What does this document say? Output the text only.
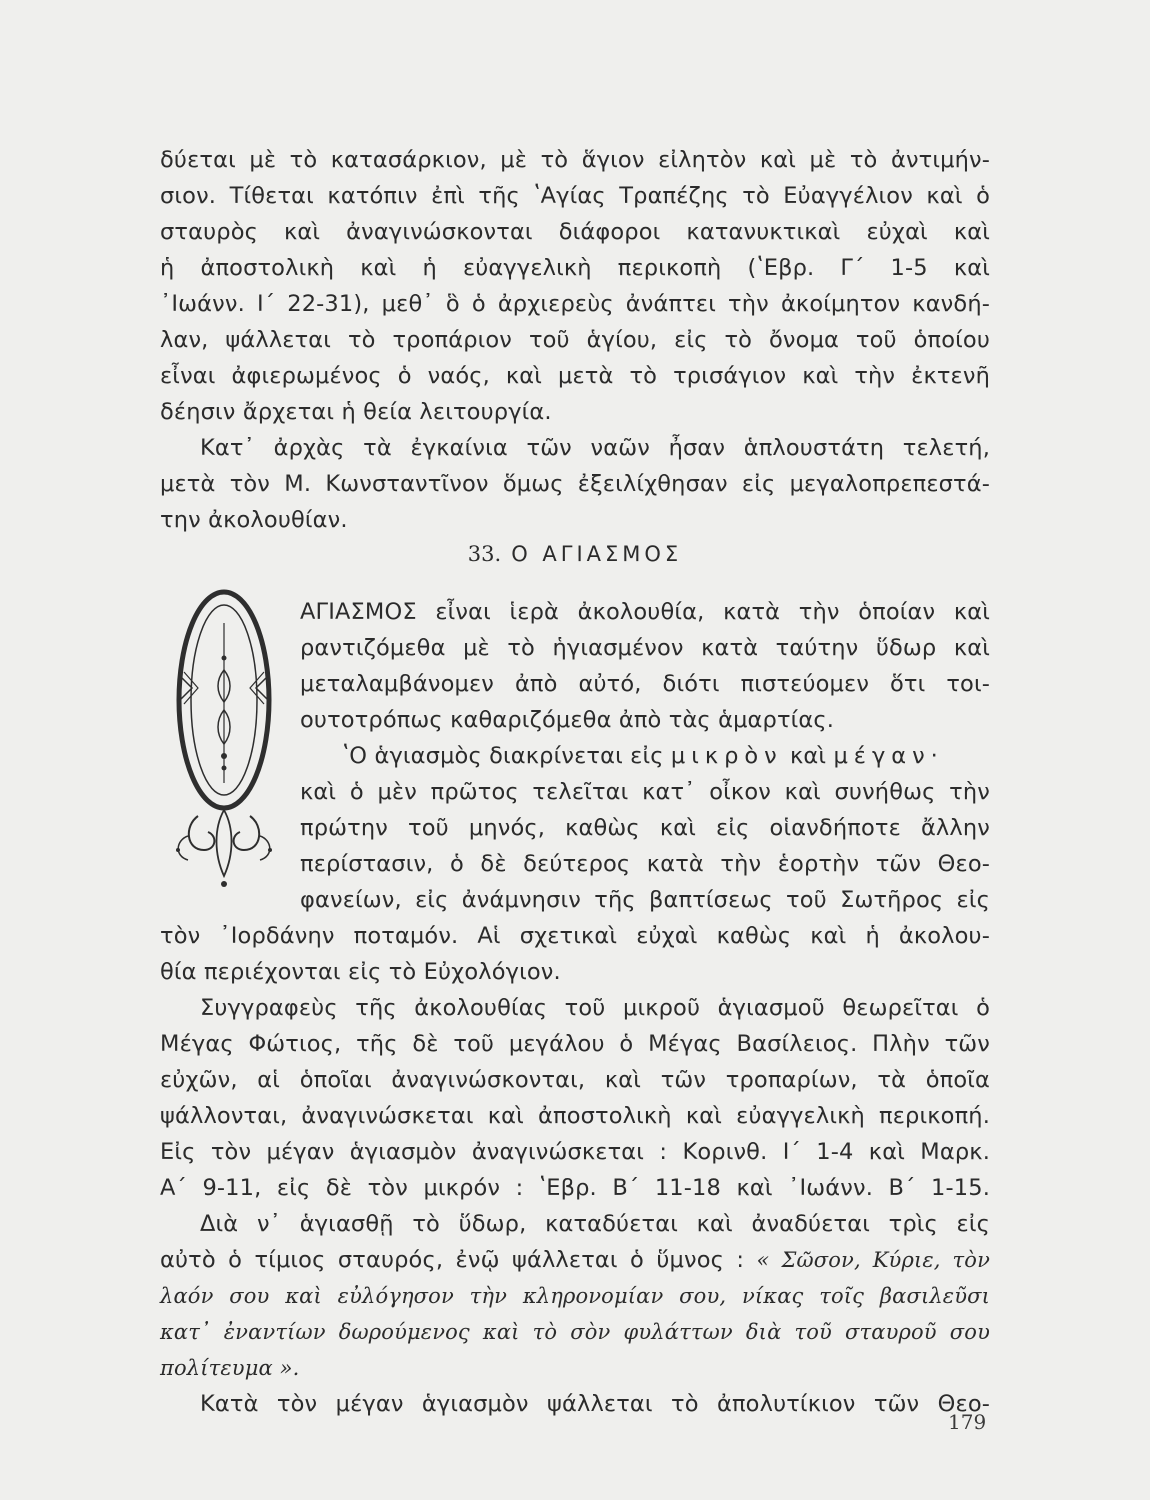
δύεται μὲ τὸ κατασάρκιον, μὲ τὸ ἅγιον εἰλητὸν καὶ μὲ τὸ ἀντιμήν-
σιον. Τίθεται κατόπιν ἐπὶ τῆς ʽΑγίας Τραπέζης τὸ Εὐαγγέλιον καὶ ὁ
σταυρὸς καὶ ἀναγινώσκονται διάφοροι κατανυκτικαὶ εὐχαὶ καὶ
ἡ ἀποστολικὴ καὶ ἡ εὐαγγελικὴ περικοπὴ (ʽΕβρ. Γ΄ 1-5 καὶ
᾿Ιωάνν. Ι΄ 22-31), μεθ᾿ ὃ ὁ ἀρχιερεὺς ἀνάπτει τὴν ἀκοίμητον κανδή-
λαν, ψάλλεται τὸ τροπάριον τοῦ ἁγίου, εἰς τὸ ὄνομα τοῦ ὁποίου
εἶναι ἀφιερωμένος ὁ ναός, καὶ μετὰ τὸ τρισάγιον καὶ τὴν ἐκτενῆ
δέησιν ἄρχεται ἡ θεία λειτουργία.
Κατ᾿ ἀρχὰς τὰ ἐγκαίνια τῶν ναῶν ἦσαν ἁπλουστάτη τελετή,
μετὰ τὸν Μ. Κωνσταντῖνον ὅμως ἐξειλίχθησαν εἰς μεγαλοπρεπεστά-
την ἀκολουθίαν.
33. Ο ΑΓΙΑΣΜΟΣ
ΑΓΙΑΣΜΟΣ εἶναι ἱερὰ ἀκολουθία, κατὰ τὴν ὁποίαν καὶ
ραντιζόμεθα μὲ τὸ ἡγιασμένον κατὰ ταύτην ὕδωρ καὶ
μεταλαμβάνομεν ἀπὸ αὐτό, διότι πιστεύομεν ὅτι τοι-
ουτοτρόπως καθαριζόμεθα ἀπὸ τὰς ἁμαρτίας.
ʽΟ ἁγιασμὸς διακρίνεται εἰς μικρὸν καὶ μέγαν·
καὶ ὁ μὲν πρῶτος τελεῖται κατ᾿ οἶκον καὶ συνήθως τὴν
πρώτην τοῦ μηνός, καθὼς καὶ εἰς οἱανδήποτε ἄλλην
περίστασιν, ὁ δὲ δεύτερος κατὰ τὴν ἑορτὴν τῶν Θεο-
φανείων, εἰς ἀνάμνησιν τῆς βαπτίσεως τοῦ Σωτῆρος εἰς
τὸν ᾿Ιορδάνην ποταμόν. Αἱ σχετικαὶ εὐχαὶ καθὼς καὶ ἡ ἀκολου-
θία περιέχονται εἰς τὸ Εὐχολόγιον.
Συγγραφεὺς τῆς ἀκολουθίας τοῦ μικροῦ ἁγιασμοῦ θεωρεῖται ὁ
Μέγας Φώτιος, τῆς δὲ τοῦ μεγάλου ὁ Μέγας Βασίλειος. Πλὴν τῶν
εὐχῶν, αἱ ὁποῖαι ἀναγινώσκονται, καὶ τῶν τροπαρίων, τὰ ὁποῖα
ψάλλονται, ἀναγινώσκεται καὶ ἀποστολικὴ καὶ εὐαγγελικὴ περικοπή.
Εἰς τὸν μέγαν ἁγιασμὸν ἀναγινώσκεται : Κορινθ. Ι΄ 1-4 καὶ Μαρκ.
Α΄ 9-11, εἰς δὲ τὸν μικρόν : ʽΕβρ. Β΄ 11-18 καὶ ᾿Ιωάνν. Β΄ 1-15.
Διὰ ν᾿ ἁγιασθῇ τὸ ὕδωρ, καταδύεται καὶ ἀναδύεται τρὶς εἰς
αὐτὸ ὁ τίμιος σταυρός, ἐνῷ ψάλλεται ὁ ὕμνος : « Σῶσον, Κύριε, τὸν
λαόν σου καὶ εὐλόγησον τὴν κληρονομίαν σου, νίκας τοῖς βασιλεῦσι
κατ᾿ ἐναντίων δωρούμενος καὶ τὸ σὸν φυλάττων διὰ τοῦ σταυροῦ σου
πολίτευμα ».
Κατὰ τὸν μέγαν ἁγιασμὸν ψάλλεται τὸ ἀπολυτίκιον τῶν Θεο-
179
